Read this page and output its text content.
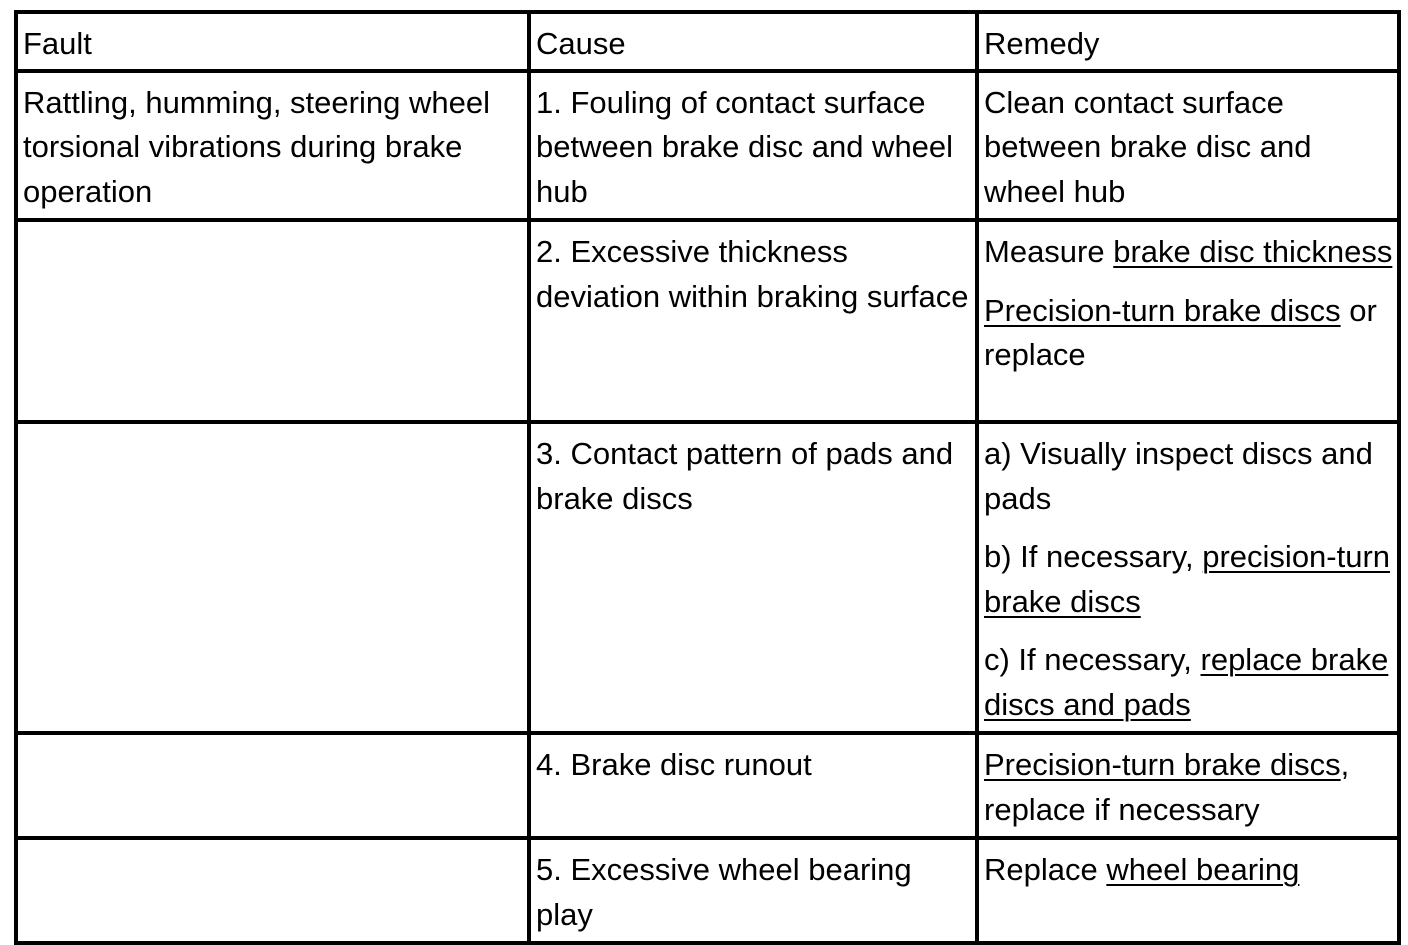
Fault	Cause	Remedy
Rattling, humming, steering wheel torsional vibrations during brake operation	1. Fouling of contact surface between brake disc and wheel hub	Clean contact surface between brake disc and wheel hub

	2. Excessive thickness deviation within braking surface	Measure brake disc thickness
Precision-turn brake discs or replace

	3. Contact pattern of pads and brake discs	a) Visually inspect discs and pads
b) If necessary, precision-turn brake discs
c) If necessary, replace brake discs and pads

	4. Brake disc runout	Precision-turn brake discs, replace if necessary

	5. Excessive wheel bearing play	Replace wheel bearing
